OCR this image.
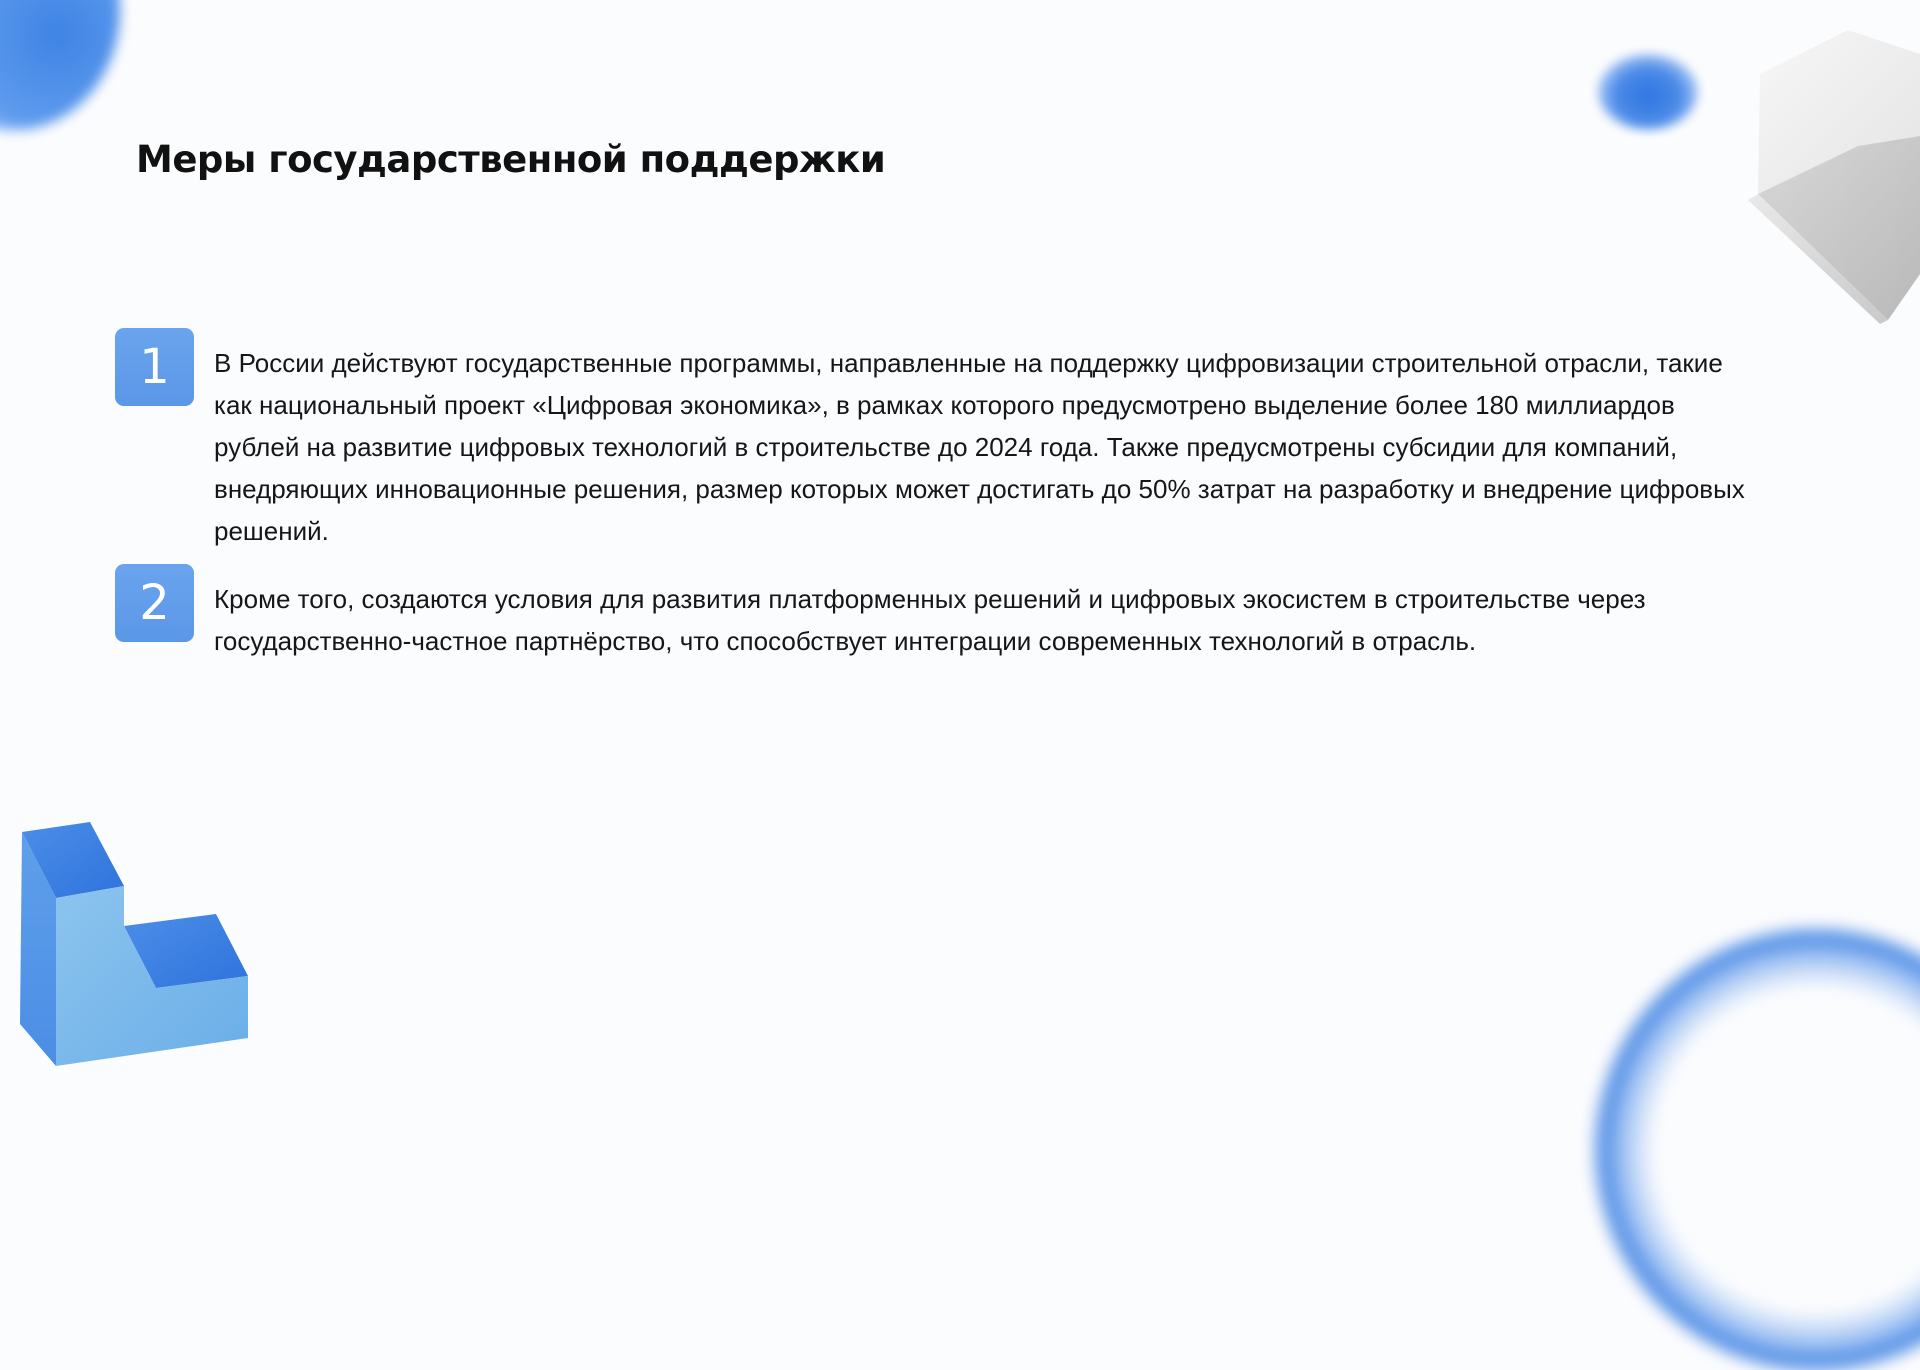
Меры государственной поддержки
1	В России действуют государственные программы, направленные на поддержку цифровизации строительной отрасли, такие как национальный проект «Цифровая экономика», в рамках которого предусмотрено выделение более 180 миллиардов рублей на развитие цифровых технологий в строительстве до 2024 года. Также предусмотрены субсидии для компаний, внедряющих инновационные решения, размер которых может достигать до 50% затрат на разработку и внедрение цифровых решений.

2	Кроме того, создаются условия для развития платформенных решений и цифровых экосистем в строительстве через государственно-частное партнёрство, что способствует интеграции современных технологий в отрасль.
